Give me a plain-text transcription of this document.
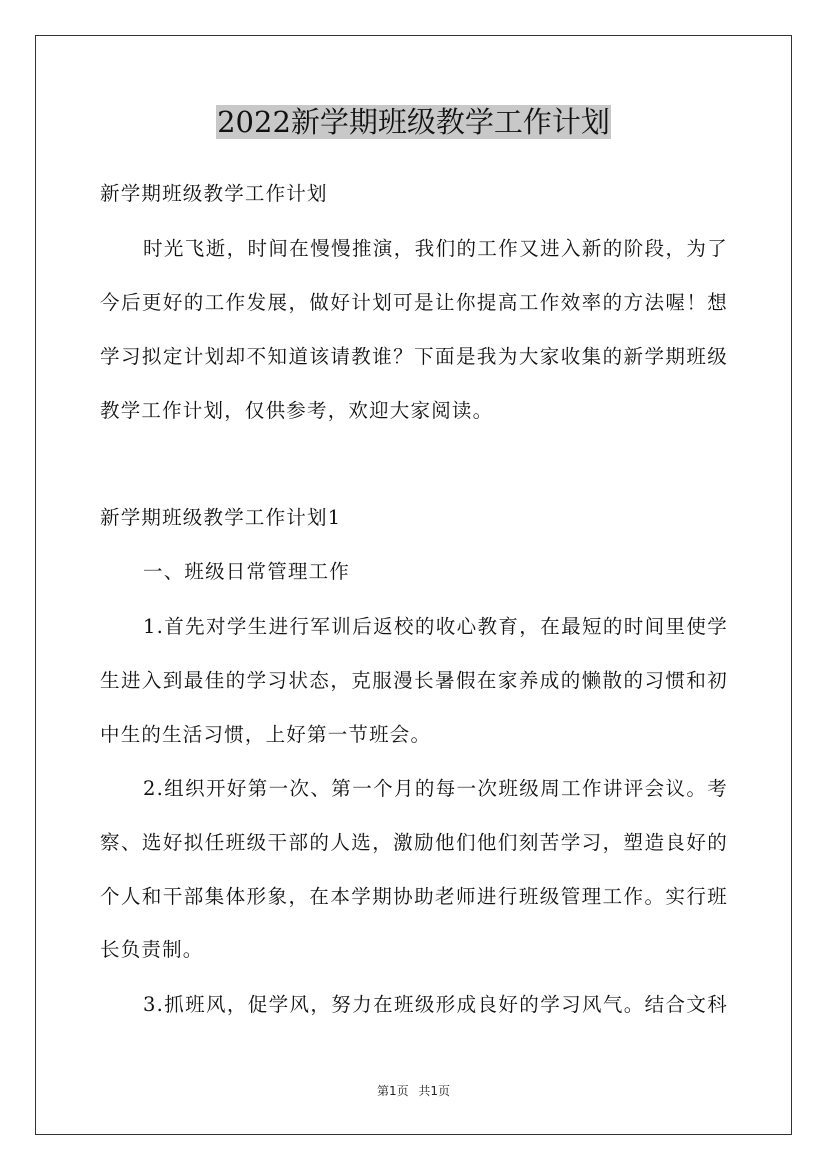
2022新学期班级教学工作计划
新学期班级教学工作计划
时光飞逝，时间在慢慢推演，我们的工作又进入新的阶段，为了
今后更好的工作发展，做好计划可是让你提高工作效率的方法喔！想
学习拟定计划却不知道该请教谁？下面是我为大家收集的新学期班级
教学工作计划，仅供参考，欢迎大家阅读。
新学期班级教学工作计划1
一、班级日常管理工作
1.首先对学生进行军训后返校的收心教育，在最短的时间里使学
生进入到最佳的学习状态，克服漫长暑假在家养成的懒散的习惯和初
中生的生活习惯，上好第一节班会。
2.组织开好第一次、第一个月的每一次班级周工作讲评会议。考
察、选好拟任班级干部的人选，激励他们他们刻苦学习，塑造良好的
个人和干部集体形象，在本学期协助老师进行班级管理工作。实行班
长负责制。
3.抓班风，促学风，努力在班级形成良好的学习风气。结合文科
第1页 共1页
